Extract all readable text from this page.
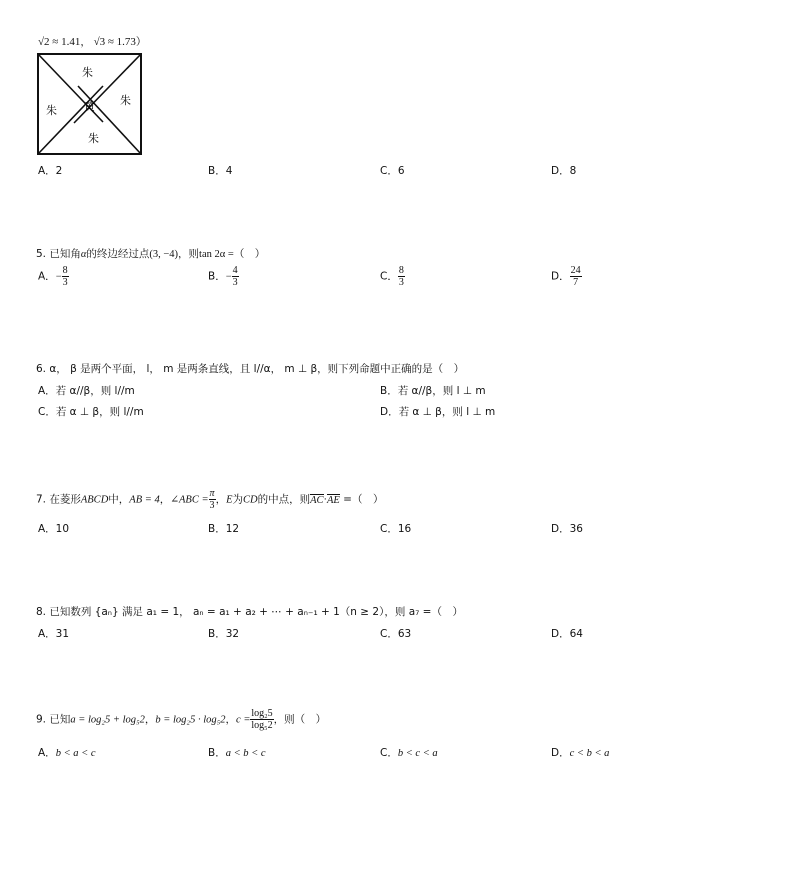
√2 ≈ 1.41， √3 ≈ 1.73）
朱
朱
朱
朱
黄
A．2	B．4	C．6	D．8
5. 已知角α的终边经过点(3, −4)，则tan 2α =（　）
A．− $\frac{8}{3}$	B．− $\frac{4}{3}$	C． $\frac{8}{3}$	D． $\frac{24}{7}$
6. α， β 是两个平面， l， m 是两条直线，且 l//α， m ⊥ β，则下列命题中正确的是（　）
A．若 α//β，则 l//m	B．若 α//β，则 l ⊥ m
C．若 α ⊥ β，则 l//m	D．若 α ⊥ β，则 l ⊥ m
7. 在菱形ABCD中，AB = 4，∠ABC = $\frac{\pi}{3}$ ，E为CD的中点，则AC·AE =（　）
A．10	B．12	C．16	D．36
8. 已知数列 {aₙ} 满足 a₁ = 1， aₙ = a₁ + a₂ + ⋯ + aₙ₋₁ + 1（n ≥ 2），则 a₇ =（　）
A．31	B．32	C．63	D．64
9. 已知a = log₂5 + log₅2，b = log₂5 · log₅2，$c = \frac{\text{log₂5}}{\text{log₅2}}$ ，则（　）
A．b < a < c	B．a < b < c	C．b < c < a	D．c < b < a
